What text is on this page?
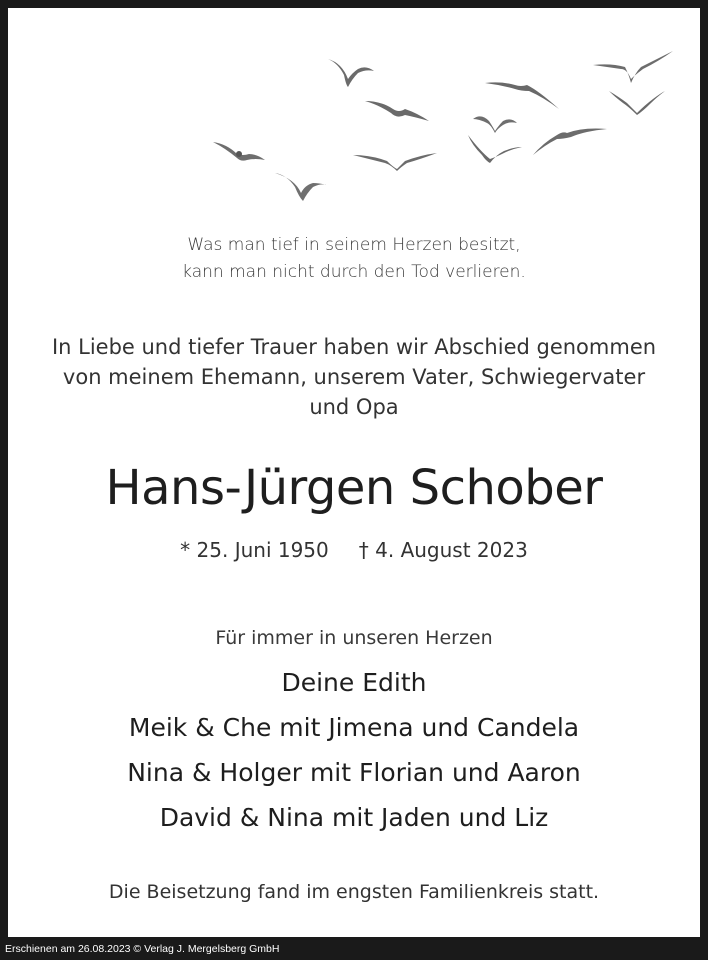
Was man tief in seinem Herzen besitzt,
kann man nicht durch den Tod verlieren.
In Liebe und tiefer Trauer haben wir Abschied genommen
von meinem Ehemann, unserem Vater, Schwiegervater
und Opa
Hans-Jürgen Schober
* 25. Juni 1950 † 4. August 2023
Für immer in unseren Herzen
Deine Edith
Meik & Che mit Jimena und Candela
Nina & Holger mit Florian und Aaron
David & Nina mit Jaden und Liz
Die Beisetzung fand im engsten Familienkreis statt.
Erschienen am 26.08.2023 © Verlag J. Mergelsberg GmbH
